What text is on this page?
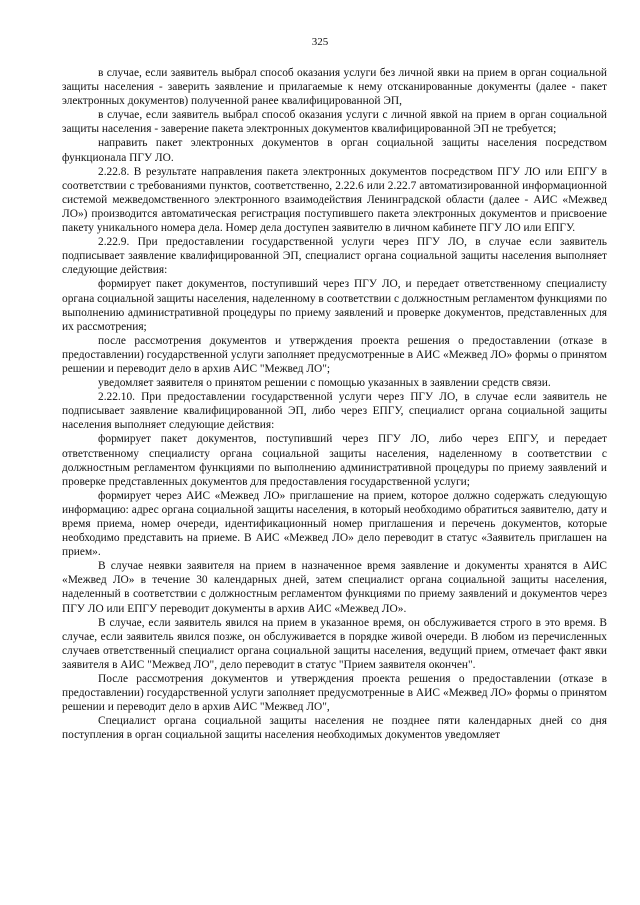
325

в случае, если заявитель выбрал способ оказания услуги без личной явки на прием в орган социальной защиты населения - заверить заявление и прилагаемые к нему отсканированные документы (далее - пакет электронных документов) полученной ранее квалифицированной ЭП,

в случае, если заявитель выбрал способ оказания услуги с личной явкой на прием в орган социальной защиты населения - заверение пакета электронных документов квалифицированной ЭП не требуется;

направить пакет электронных документов в орган социальной защиты населения посредством функционала ПГУ ЛО.

2.22.8. В результате направления пакета электронных документов посредством ПГУ ЛО или ЕПГУ в соответствии с требованиями пунктов, соответственно, 2.22.6 или 2.22.7 автоматизированной информационной системой межведомственного электронного взаимодействия Ленинградской области (далее - АИС «Межвед ЛО») производится автоматическая регистрация поступившего пакета электронных документов и присвоение пакету уникального номера дела. Номер дела доступен заявителю в личном кабинете ПГУ ЛО или ЕПГУ.

2.22.9. При предоставлении государственной услуги через ПГУ ЛО, в случае если заявитель подписывает заявление квалифицированной ЭП, специалист органа социальной защиты населения выполняет следующие действия:

формирует пакет документов, поступивший через ПГУ ЛО, и передает ответственному специалисту органа социальной защиты населения, наделенному в соответствии с должностным регламентом функциями по выполнению административной процедуры по приему заявлений и проверке документов, представленных для их рассмотрения;

после рассмотрения документов и утверждения проекта решения о предоставлении (отказе в предоставлении) государственной услуги заполняет предусмотренные в АИС «Межвед ЛО» формы о принятом решении и переводит дело в архив АИС "Межвед ЛО";

уведомляет заявителя о принятом решении с помощью указанных в заявлении средств связи.

2.22.10. При предоставлении государственной услуги через ПГУ ЛО, в случае если заявитель не подписывает заявление квалифицированной ЭП, либо через ЕПГУ, специалист органа социальной защиты населения выполняет следующие действия:

формирует пакет документов, поступивший через ПГУ ЛО, либо через ЕПГУ, и передает ответственному специалисту органа социальной защиты населения, наделенному в соответствии с должностным регламентом функциями по выполнению административной процедуры по приему заявлений и проверке представленных документов для предоставления государственной услуги;

формирует через АИС «Межвед ЛО» приглашение на прием, которое должно содержать следующую информацию: адрес органа социальной защиты населения, в который необходимо обратиться заявителю, дату и время приема, номер очереди, идентификационный номер приглашения и перечень документов, которые необходимо представить на приеме. В АИС «Межвед ЛО» дело переводит в статус «Заявитель приглашен на прием».

В случае неявки заявителя на прием в назначенное время заявление и документы хранятся в АИС «Межвед ЛО» в течение 30 календарных дней, затем специалист органа социальной защиты населения, наделенный в соответствии с должностным регламентом функциями по приему заявлений и документов через ПГУ ЛО или ЕПГУ переводит документы в архив АИС «Межвед ЛО».

В случае, если заявитель явился на прием в указанное время, он обслуживается строго в это время. В случае, если заявитель явился позже, он обслуживается в порядке живой очереди. В любом из перечисленных случаев ответственный специалист органа социальной защиты населения, ведущий прием, отмечает факт явки заявителя в АИС "Межвед ЛО", дело переводит в статус "Прием заявителя окончен".

После рассмотрения документов и утверждения проекта решения о предоставлении (отказе в предоставлении) государственной услуги заполняет предусмотренные в АИС «Межвед ЛО» формы о принятом решении и переводит дело в архив АИС "Межвед ЛО",

Специалист органа социальной защиты населения не позднее пяти календарных дней со дня поступления в орган социальной защиты населения необходимых документов уведомляет
